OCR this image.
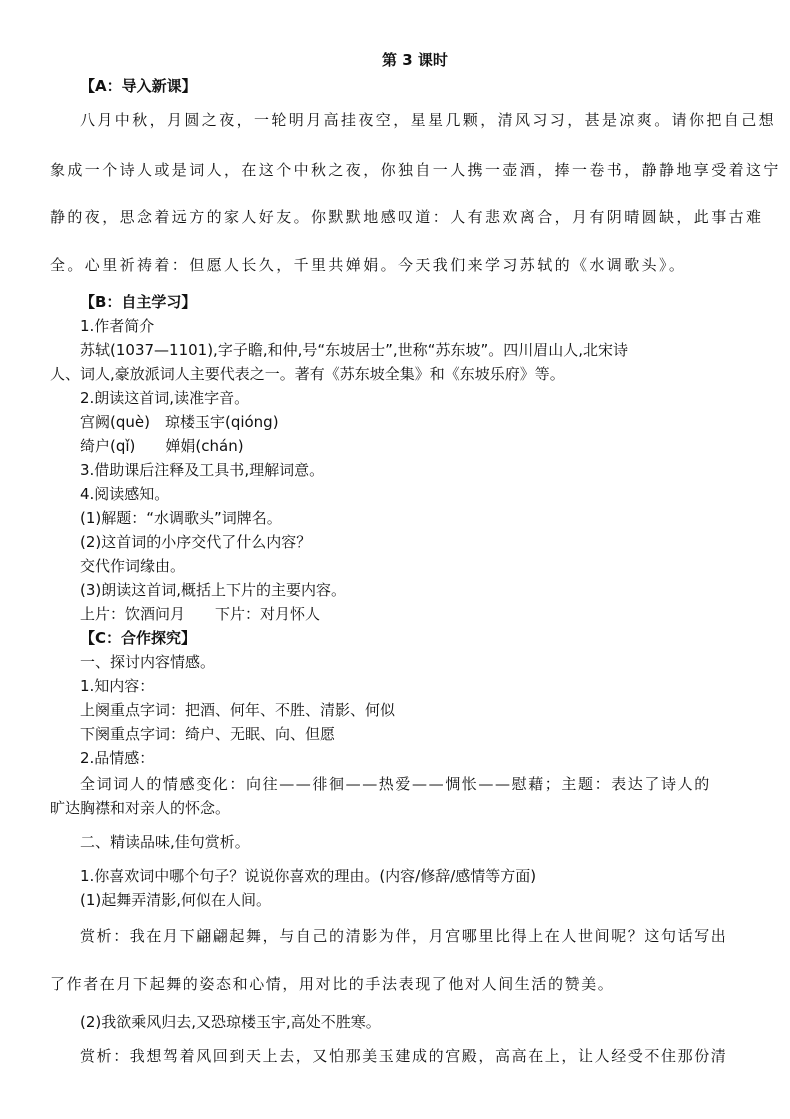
第 3 课时
【A：导入新课】
八月中秋，月圆之夜，一轮明月高挂夜空，星星几颗，清风习习，甚是凉爽。请你把自己想
象成一个诗人或是词人，在这个中秋之夜，你独自一人携一壶酒，捧一卷书，静静地享受着这宁
静的夜，思念着远方的家人好友。你默默地感叹道：人有悲欢离合，月有阴晴圆缺，此事古难
全。心里祈祷着：但愿人长久，千里共婵娟。今天我们来学习苏轼的《水调歌头》。
【B：自主学习】
1.作者简介
苏轼(1037—1101),字子瞻,和仲,号“东坡居士”,世称“苏东坡”。四川眉山人,北宋诗
人、词人,豪放派词人主要代表之一。著有《苏东坡全集》和《东坡乐府》等。
2.朗读这首词,读准字音。
宫阙(què)　琼楼玉宇(qióng)
绮户(qǐ)　　婵娟(chán)
3.借助课后注释及工具书,理解词意。
4.阅读感知。
(1)解题：“水调歌头”词牌名。
(2)这首词的小序交代了什么内容？
交代作词缘由。
(3)朗读这首词,概括上下片的主要内容。
上片：饮酒问月　　下片：对月怀人
【C：合作探究】
一、探讨内容情感。
1.知内容：
上阕重点字词：把酒、何年、不胜、清影、何似
下阕重点字词：绮户、无眠、向、但愿
2.品情感：
全词词人的情感变化：向往——徘徊——热爱——惆怅——慰藉；主题：表达了诗人的
旷达胸襟和对亲人的怀念。
二、精读品味,佳句赏析。
1.你喜欢词中哪个句子？说说你喜欢的理由。(内容/修辞/感情等方面)
(1)起舞弄清影,何似在人间。
赏析：我在月下翩翩起舞，与自己的清影为伴，月宫哪里比得上在人世间呢？这句话写出
了作者在月下起舞的姿态和心情，用对比的手法表现了他对人间生活的赞美。
(2)我欲乘风归去,又恐琼楼玉宇,高处不胜寒。
赏析：我想驾着风回到天上去，又怕那美玉建成的宫殿，高高在上，让人经受不住那份清
